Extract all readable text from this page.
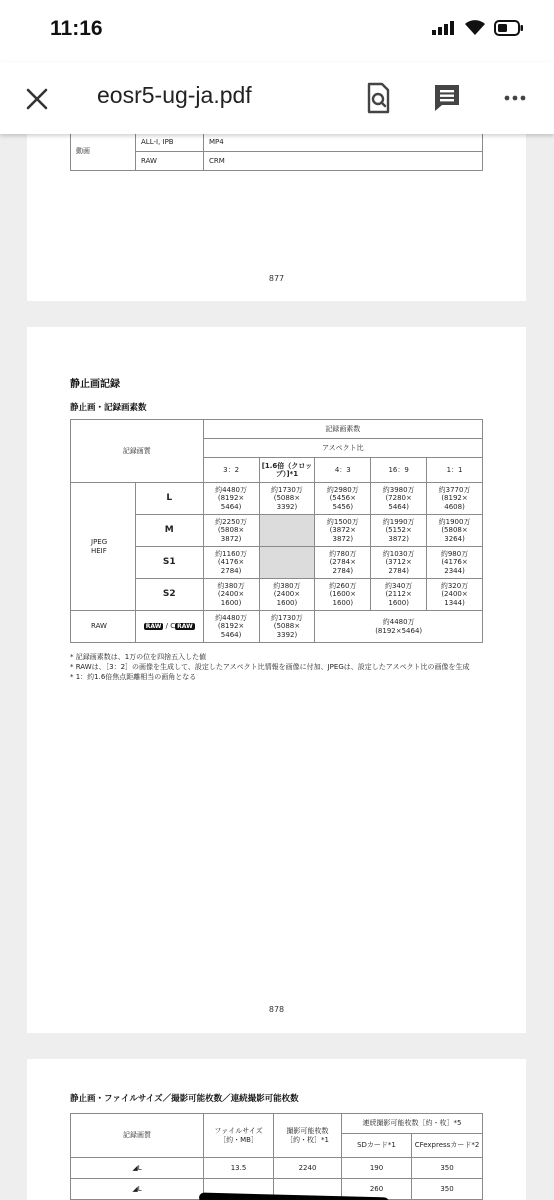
11:16
eosr5-ug-ja.pdf
動画	ALL-I, IPB	MP4
	RAW	CRM
877
静止画記録
静止画・記録画素数
記録画質		記録画素数				
		アスペクト比				
		3：2	[1.6倍（クロップ）]*1	4：3	16：9	1：1
JPEG
HEIF	L	約4480万
(8192×
5464)	約1730万
(5088×
3392)	約2980万
(5456×
5456)	約3980万
(7280×
5464)	約3770万
(8192×
4608)
	M	約2250万
(5808×
3872)		約1500万
(3872×
3872)	約1990万
(5152×
3872)	約1900万
(5808×
3264)
	S1	約1160万
(4176×
2784)		約780万
(2784×
2784)	約1030万
(3712×
2784)	約980万
(4176×
2344)
	S2	約380万
(2400×
1600)	約380万
(2400×
1600)	約260万
(1600×
1600)	約340万
(2112×
1600)	約320万
(2400×
1344)
RAW	RAW / C RAW	約4480万
(8192×
5464)	約1730万
(5088×
3392)	約4480万
(8192×5464)		
* 記録画素数は、1万の位を四捨五入した値
* RAWは、［3：2］の画像を生成して、設定したアスペクト比情報を画像に付加、JPEGは、設定したアスペクト比の画像を生成
* 1：約1.6倍焦点距離相当の画角となる
878
静止画・ファイルサイズ／撮影可能枚数／連続撮影可能枚数
記録画質	ファイルサイズ
［約・MB］	撮影可能枚数
［約・枚］*1	連続撮影可能枚数［約・枚］*5	
			SDカード*1	CFexpressカード*2
◢L	13.5	2240	190	350
◢L			260	350
